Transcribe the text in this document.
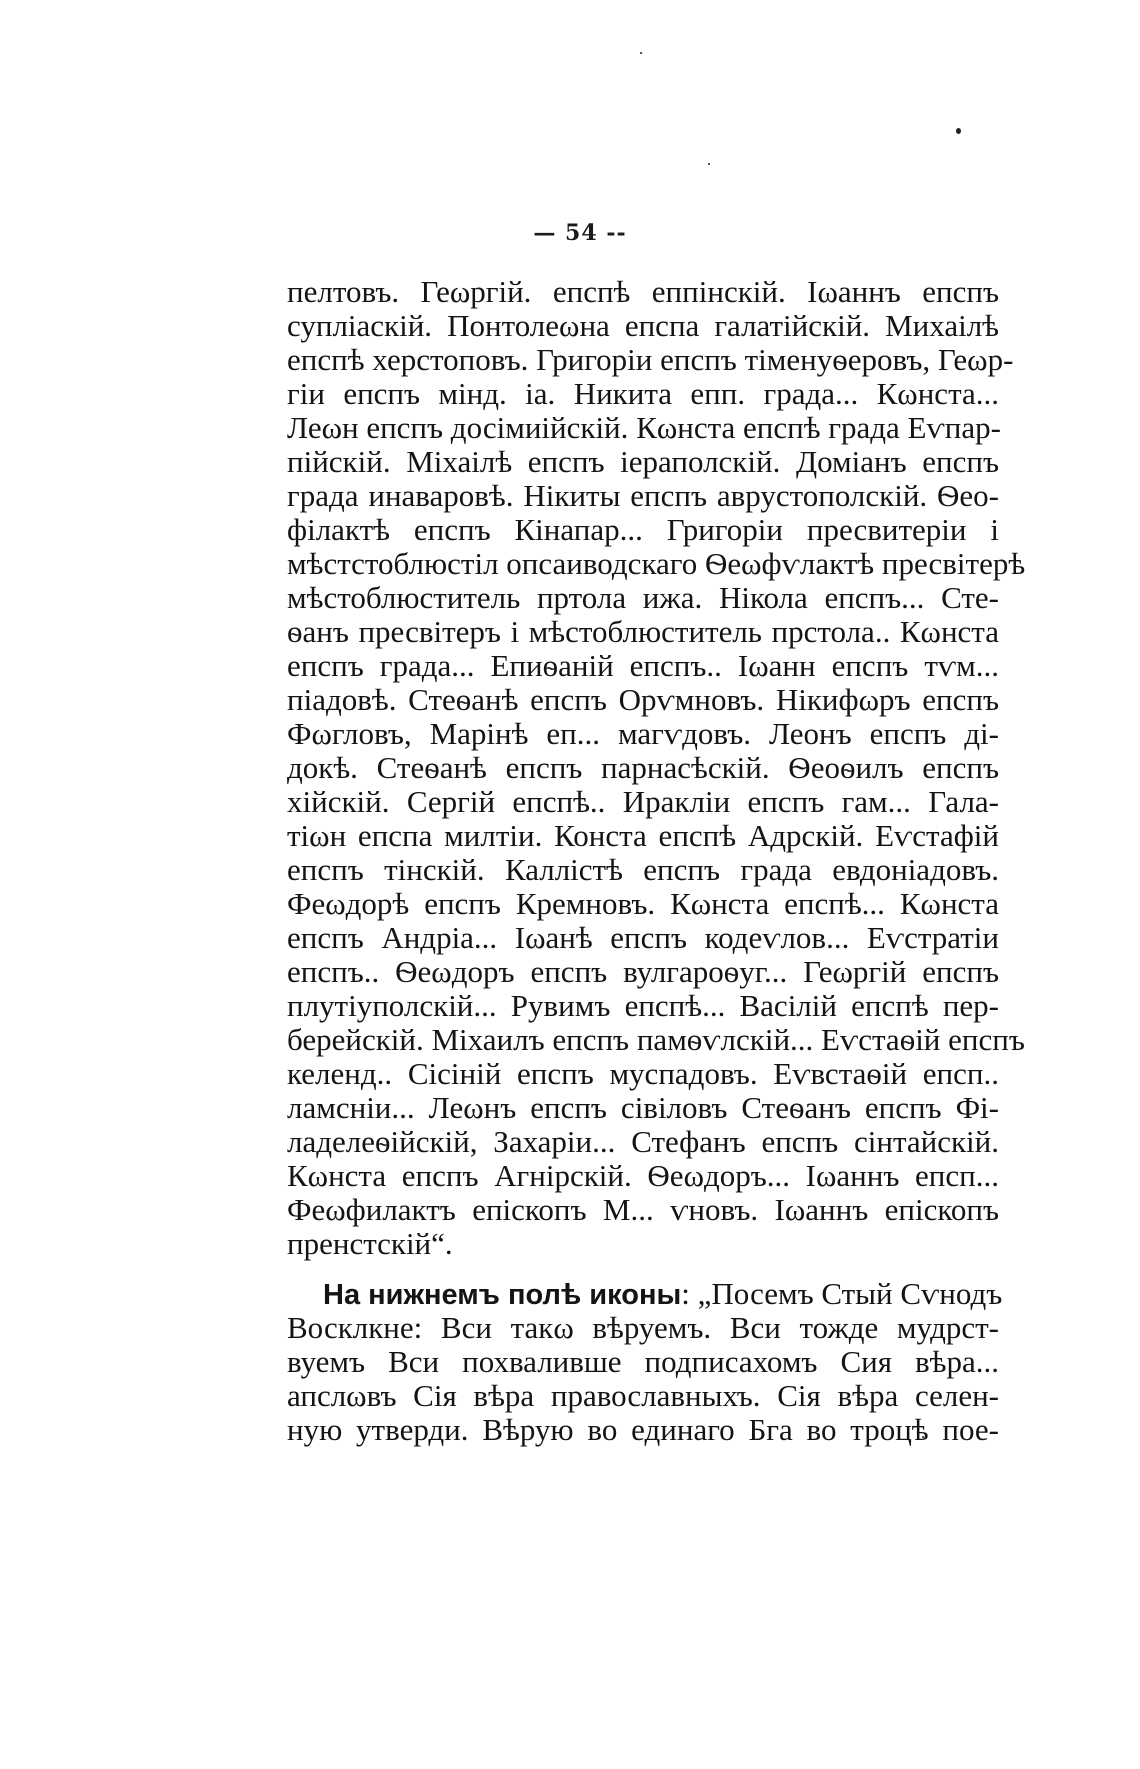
— 54 --
пелтовъ. Геωргiй. епспѣ еппiнскiй. Iωаннъ епспъ
супліаскiй. Понтолеωна епспа галатiйскiй. Михаiлѣ
епспѣ херстоповъ. Григорiи епспъ тiменуѳеровъ, Геωр-
гiи епспъ мiнд. iа. Никита епп. града... Кωнста...
Леωн епспъ досiмиiйскiй. Кωнста епспѣ града Еѵпар-
пiйскiй. Мiхаiлѣ епспъ iераполскiй. Домiанъ епспъ
града инаваровѣ. Нiкиты епспъ авруcтополскiй. Ѳео-
фiлактѣ епспъ Кiнапар... Григорiи пресвитерiи i
мѣстстоблюстiл опсаиводскаго Ѳеωфѵлактѣ пресвiтерѣ
мѣстоблюститель пртола ижа. Нiкола епспъ... Сте-
ѳанъ пресвiтеръ i мѣстоблюститель прстола.. Кωнста
епспъ града... Епиѳанiй епспъ.. Iωанн епспъ тѵм...
пiадовѣ. Стеѳанѣ епспъ Орѵмновъ. Нiкифωръ епспъ
Фωгловъ, Марiнѣ еп... магѵдовъ. Леонъ епспъ дi-
докѣ. Стеѳанѣ епспъ парнасѣскiй. Ѳеоѳилъ епспъ
хiйскiй. Сергiй епспѣ.. Иракліи епспъ гам... Гала-
тiωн епспа милтiи. Конста епспѣ Адрскiй. Еѵстафiй
епспъ тiнскiй. Каллiстѣ епспъ града евдонiадовъ.
Феωдорѣ епспъ Кремновъ. Кωнста епспѣ... Кωнста
епспъ Андрiа... Iωанѣ епспъ кодеѵлов... Еѵстратiи
епспъ.. Ѳеωдоръ епспъ вулгароѳуг... Геωргiй епспъ
плутiуполскiй... Рувимъ епспѣ... Васiлiй епспѣ пер-
берейскiй. Мiхаилъ епспъ памѳѵлскiй... Еѵстаѳiй епспъ
келенд.. Сiсiнiй епспъ муспадовъ. Еѵвстаѳiй епсп..
ламснiи... Леωнъ епспъ сiвiловъ Стеѳанъ епспъ Фi-
ладелеѳiйскiй, Захарiи... Стефанъ епспъ сiнтайскiй.
Кωнста епспъ Агнiрскiй. Ѳеωдоръ... Iωаннъ епсп...
Феωфилактъ епiскопъ М... ѵновъ. Iωаннъ епiскопъ
пренстскiй“.
На нижнемъ полѣ иконы: „Посемъ Стый Сѵнодъ
Восклкне: Вси такω вѣруемъ. Вси тожде мудрст-
вуемъ Вси похваливше подписахомъ Сия вѣра...
апслωвъ Сiя вѣра православныхъ. Сiя вѣра селен-
ную утверди. Вѣрую во единаго Бга во троцѣ пое-
